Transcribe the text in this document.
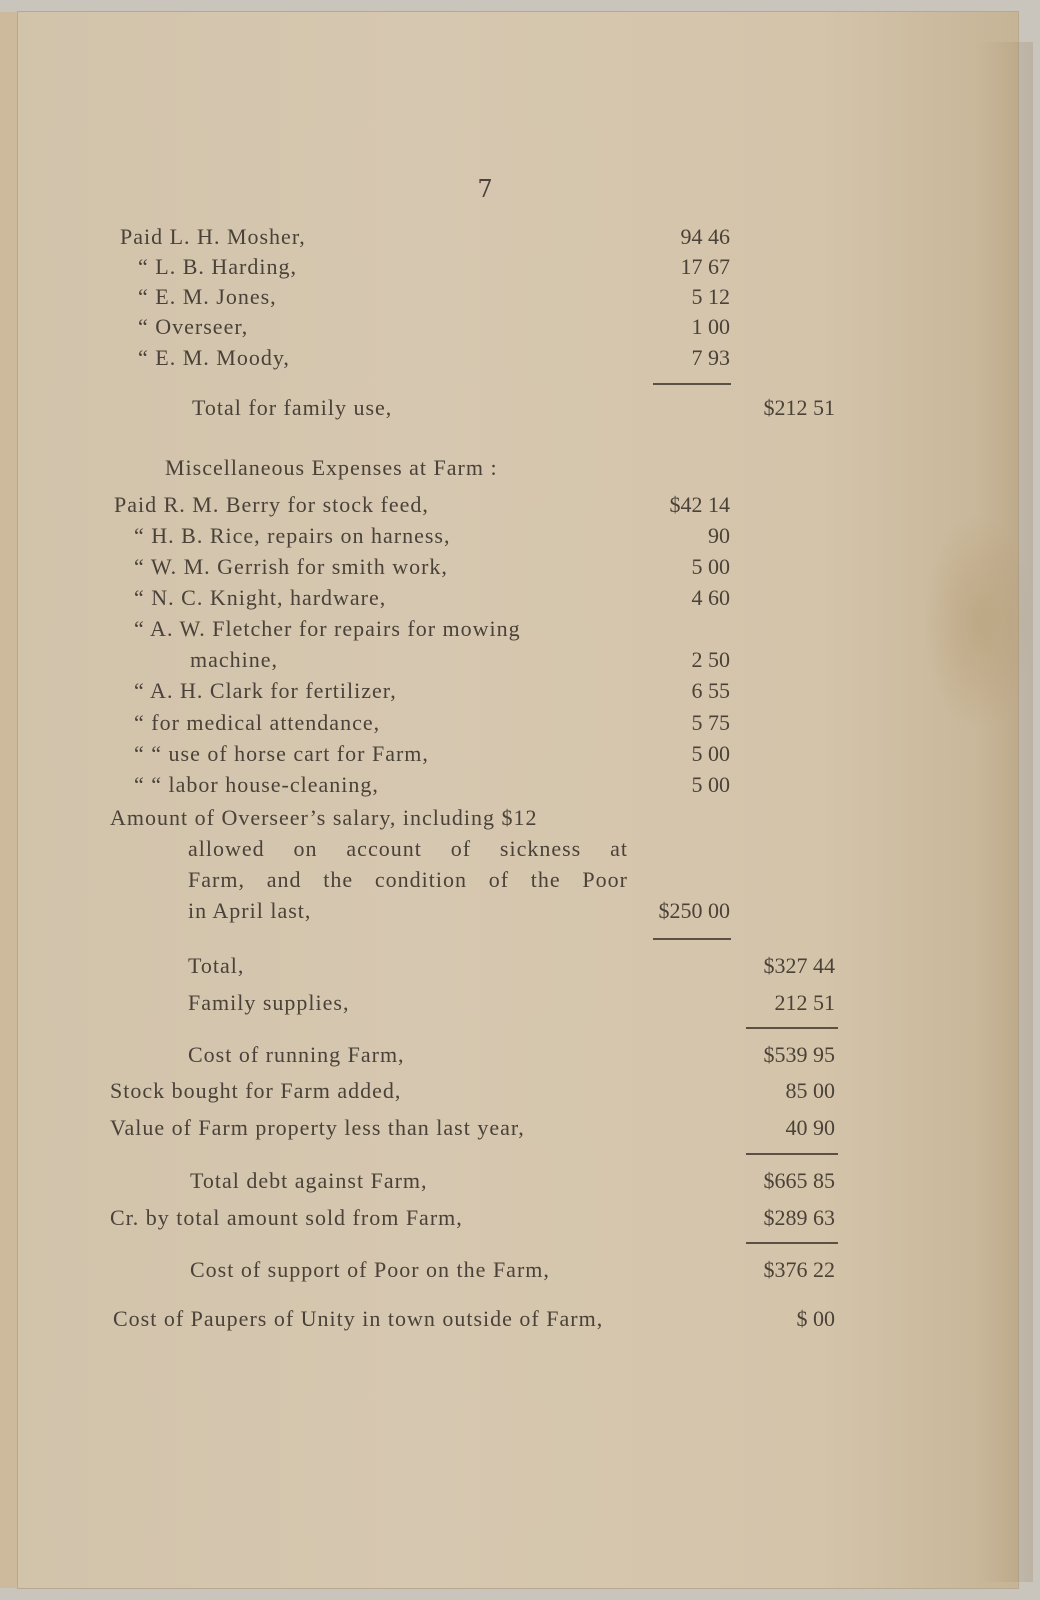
7
Paid L. H. Mosher,	94 46
“ L. B. Harding,	17 67
“ E. M. Jones,	5 12
“ Overseer,	1 00
“ E. M. Moody,	7 93
Total for family use,	$212 51
Miscellaneous Expenses at Farm :
Paid R. M. Berry for stock feed,	$42 14
“ H. B. Rice, repairs on harness,	90
“ W. M. Gerrish for smith work,	5 00
“ N. C. Knight, hardware,	4 60
“ A. W. Fletcher for repairs for mowing
machine,	2 50
“ A. H. Clark for fertilizer,	6 55
“ for medical attendance,	5 75
“ “ use of horse cart for Farm,	5 00
“ “ labor house-cleaning,	5 00
Amount of Overseer’s salary, including $12
allowed on account of sickness at
Farm, and the condition of the Poor
in April last,	$250 00
Total,	$327 44
Family supplies,	212 51
Cost of running Farm,	$539 95
Stock bought for Farm added,	85 00
Value of Farm property less than last year,	40 90
Total debt against Farm,	$665 85
Cr. by total amount sold from Farm,	$289 63
Cost of support of Poor on the Farm,	$376 22
Cost of Paupers of Unity in town outside of Farm,	$ 00
